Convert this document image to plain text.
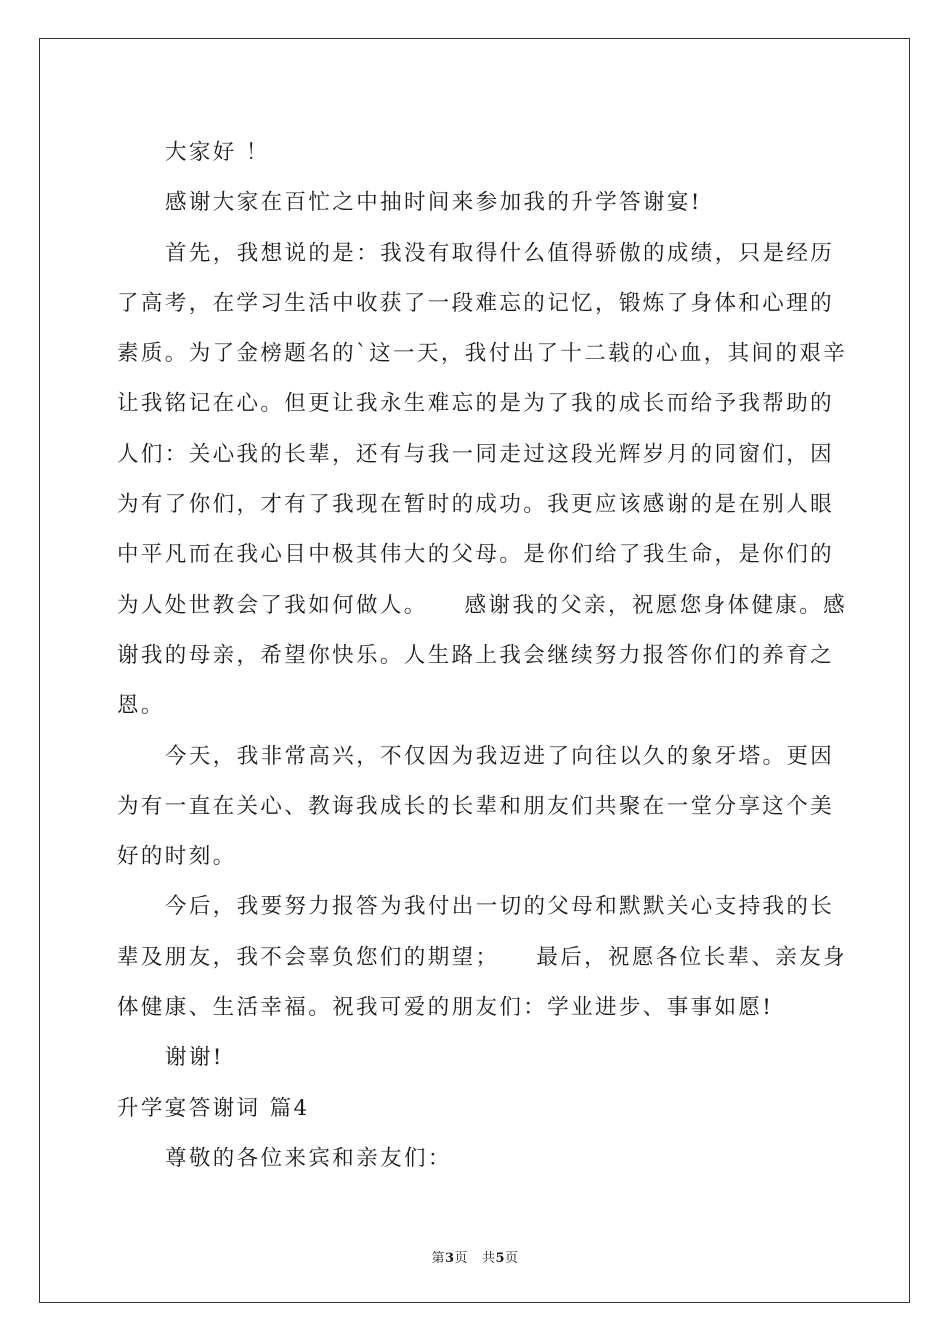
大家好 ！

感谢大家在百忙之中抽时间来参加我的升学答谢宴!

首先，我想说的是：我没有取得什么值得骄傲的成绩，只是经历了高考，在学习生活中收获了一段难忘的记忆，锻炼了身体和心理的素质。为了金榜题名的`这一天，我付出了十二载的心血，其间的艰辛让我铭记在心。但更让我永生难忘的是为了我的成长而给予我帮助的人们：关心我的长辈，还有与我一同走过这段光辉岁月的同窗们，因为有了你们，才有了我现在暂时的成功。我更应该感谢的是在别人眼中平凡而在我心目中极其伟大的父母。是你们给了我生命，是你们的为人处世教会了我如何做人。    感谢我的父亲，祝愿您身体健康。感谢我的母亲，希望你快乐。人生路上我会继续努力报答你们的养育之恩。

今天，我非常高兴，不仅因为我迈进了向往以久的象牙塔。更因为有一直在关心、教诲我成长的长辈和朋友们共聚在一堂分享这个美好的时刻。

今后，我要努力报答为我付出一切的父母和默默关心支持我的长辈及朋友，我不会辜负您们的期望；    最后，祝愿各位长辈、亲友身体健康、生活幸福。祝我可爱的朋友们：学业进步、事事如愿!

谢谢!

升学宴答谢词 篇4

尊敬的各位来宾和亲友们：

第3页 共5页
